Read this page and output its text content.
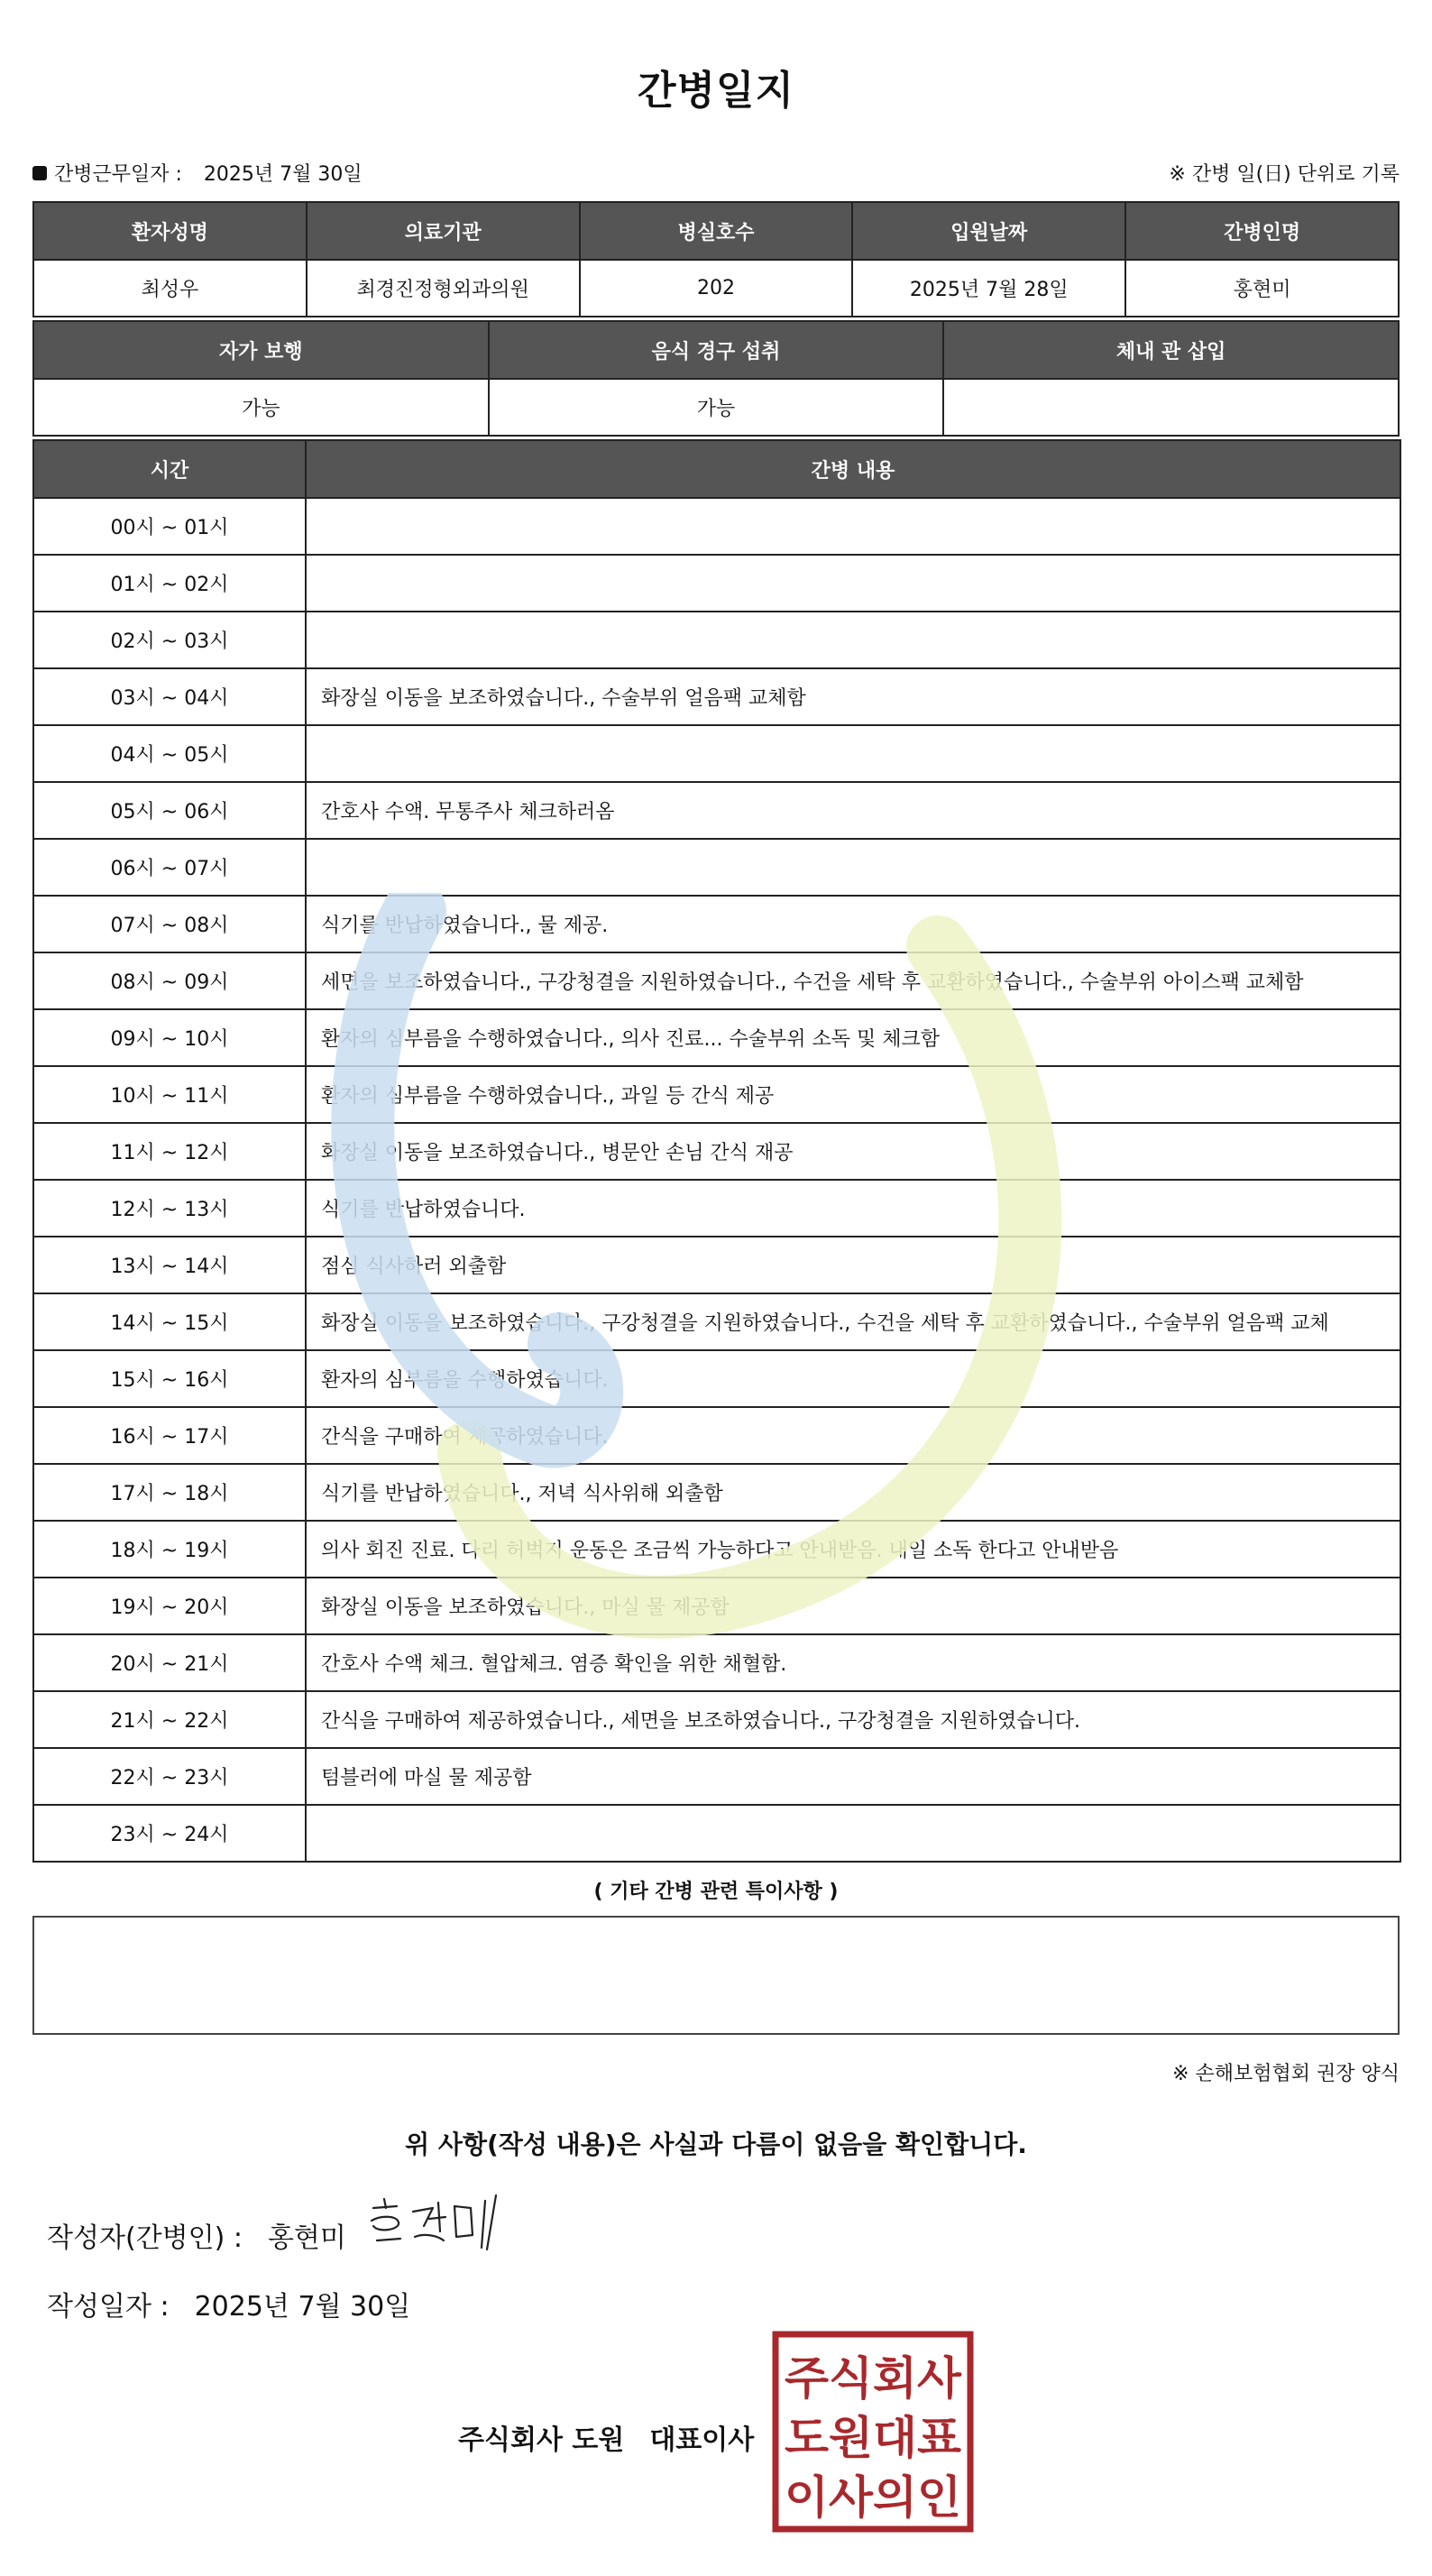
간병일지
간병근무일자 : 2025년 7월 30일	※ 간병 일(日) 단위로 기록
환자성명	의료기관	병실호수	입원날짜	간병인명
최성우	최경진정형외과의원	202	2025년 7월 28일	홍현미
자가 보행	음식 경구 섭취	체내 관 삽입
가능	가능	
시간	간병 내용
00시 ~ 01시	
01시 ~ 02시	
02시 ~ 03시	
03시 ~ 04시	화장실 이동을 보조하였습니다., 수술부위 얼음팩 교체함
04시 ~ 05시	
05시 ~ 06시	간호사 수액. 무통주사 체크하러옴
06시 ~ 07시	
07시 ~ 08시	식기를 반납하였습니다., 물 제공.
08시 ~ 09시	세면을 보조하였습니다., 구강청결을 지원하였습니다., 수건을 세탁 후 교환하였습니다., 수술부위 아이스팩 교체함
09시 ~ 10시	환자의 심부름을 수행하였습니다., 의사 진료... 수술부위 소독 및 체크함
10시 ~ 11시	환자의 심부름을 수행하였습니다., 과일 등 간식 제공
11시 ~ 12시	화장실 이동을 보조하였습니다., 병문안 손님 간식 재공
12시 ~ 13시	식기를 반납하였습니다.
13시 ~ 14시	점심 식사하러 외출함
14시 ~ 15시	화장실 이동을 보조하였습니다., 구강청결을 지원하였습니다., 수건을 세탁 후 교환하였습니다., 수술부위 얼음팩 교체
15시 ~ 16시	환자의 심부름을 수행하였습니다.
16시 ~ 17시	간식을 구매하여 제공하였습니다.
17시 ~ 18시	식기를 반납하였습니다., 저녁 식사위해 외출함
18시 ~ 19시	의사 회진 진료. 다리 허벅지 운동은 조금씩 가능하다고 안내받음. 내일 소독 한다고 안내받음
19시 ~ 20시	화장실 이동을 보조하였습니다., 마실 물 제공함
20시 ~ 21시	간호사 수액 체크. 혈압체크. 염증 확인을 위한 채혈함.
21시 ~ 22시	간식을 구매하여 제공하였습니다., 세면을 보조하였습니다., 구강청결을 지원하였습니다.
22시 ~ 23시	텀블러에 마실 물 제공함
23시 ~ 24시	
( 기타 간병 관련 특이사항 )
※ 손해보험협회 권장 양식
위 사항(작성 내용)은 사실과 다름이 없음을 확인합니다.
작성자(간병인) : 홍현미
작성일자 : 2025년 7월 30일
주식회사 도원 대표이사
주식회사
도원대표
이사의인
